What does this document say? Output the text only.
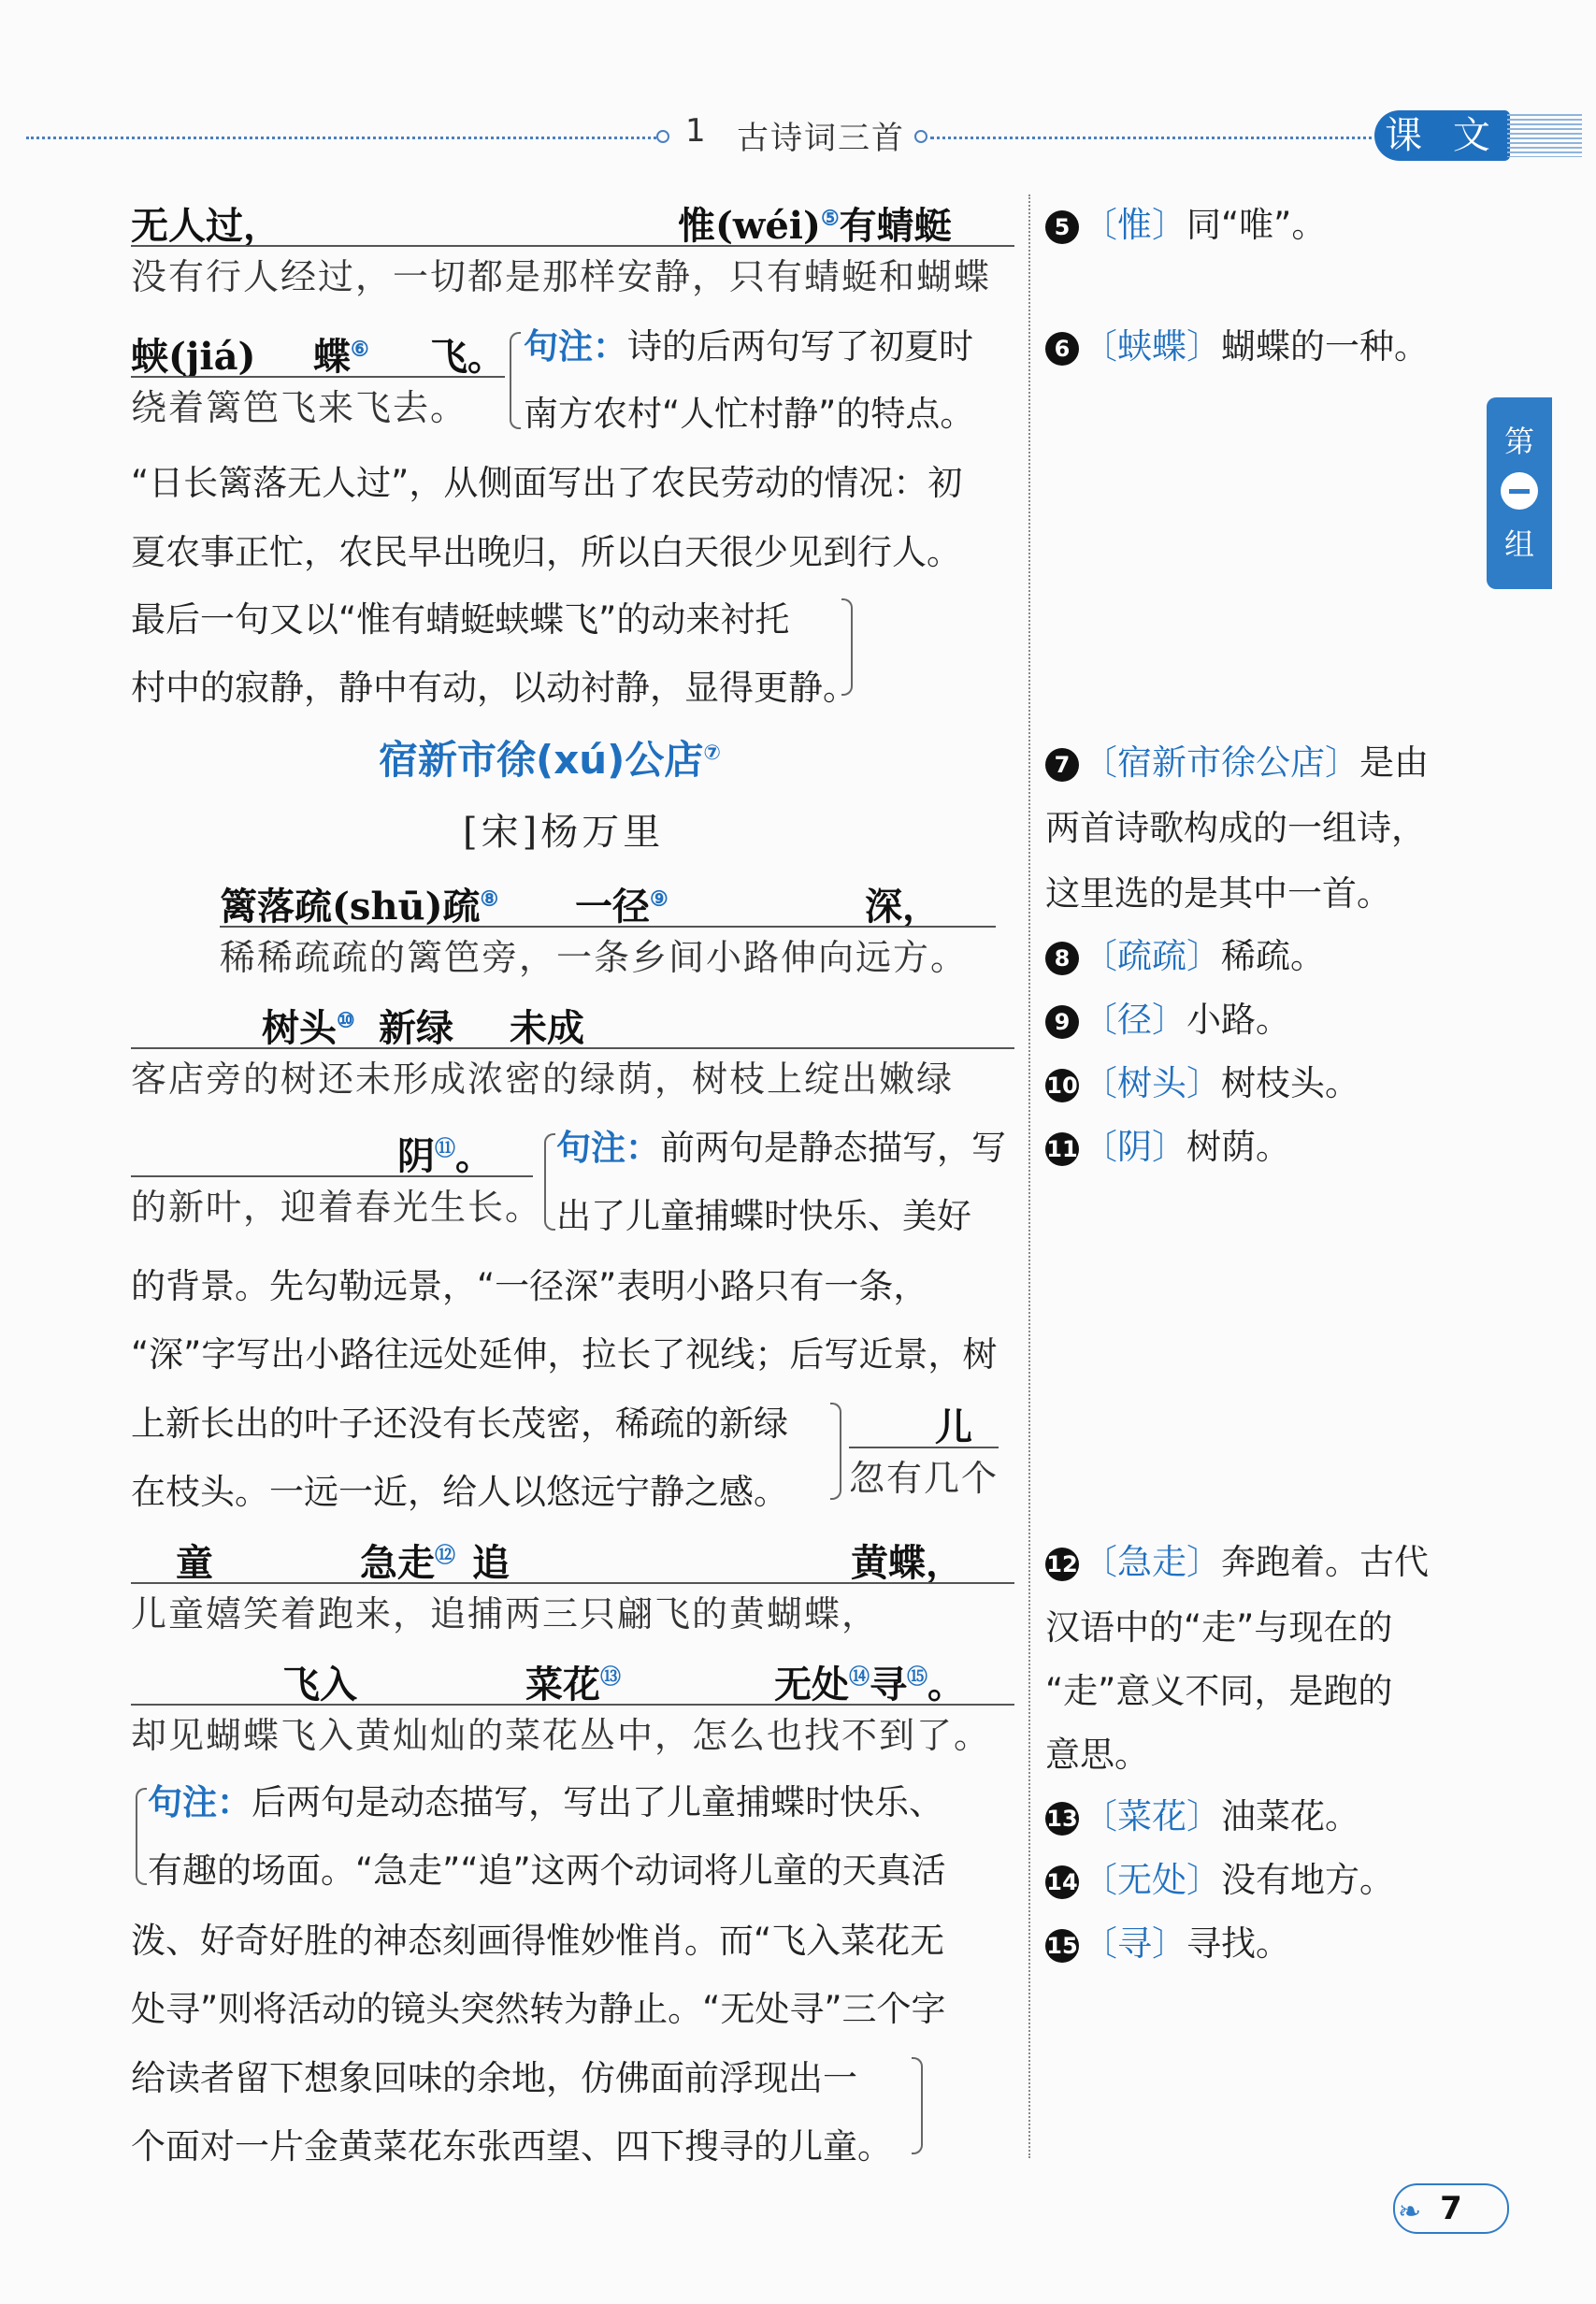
1 古诗词三首	课 文
第
组
无人过，	惟(wéi)⑤有蜻蜓
没有行人经过，一切都是那样安静，只有蜻蜓和蝴蝶
蛱(jiá) 蝶⑥ 飞。
绕着篱笆飞来飞去。
句注：诗的后两句写了初夏时
南方农村“人忙村静”的特点。
“日长篱落无人过”，从侧面写出了农民劳动的情况：初
夏农事正忙，农民早出晚归，所以白天很少见到行人。
最后一句又以“惟有蜻蜓蛱蝶飞”的动来衬托
村中的寂静，静中有动，以动衬静，显得更静。
宿新市徐(xú)公店⑦
[宋]杨万里
篱落疏(shū)疏⑧ 一径⑨	深，
稀稀疏疏的篱笆旁，一条乡间小路伸向远方。
树头⑩ 新绿 未成
客店旁的树还未形成浓密的绿荫，树枝上绽出嫩绿
阴⑪。
的新叶，迎着春光生长。
句注：前两句是静态描写，写
出了儿童捕蝶时快乐、美好
的背景。先勾勒远景，“一径深”表明小路只有一条，
“深”字写出小路往远处延伸，拉长了视线；后写近景，树
上新长出的叶子还没有长茂密，稀疏的新绿
在枝头。一远一近，给人以悠远宁静之感。
儿
忽有几个
童	急走⑫ 追	黄蝶，
儿童嬉笑着跑来，追捕两三只翩飞的黄蝴蝶，
飞入	菜花⑬	无处⑭寻⑮。
却见蝴蝶飞入黄灿灿的菜花丛中，怎么也找不到了。
句注：后两句是动态描写，写出了儿童捕蝶时快乐、
有趣的场面。“急走”“追”这两个动词将儿童的天真活
泼、好奇好胜的神态刻画得惟妙惟肖。而“飞入菜花无
处寻”则将活动的镜头突然转为静止。“无处寻”三个字
给读者留下想象回味的余地，仿佛面前浮现出一
个面对一片金黄菜花东张西望、四下搜寻的儿童。
5 〔惟〕同“唯”。
6 〔蛱蝶〕蝴蝶的一种。
7 〔宿新市徐公店〕是由
两首诗歌构成的一组诗，
这里选的是其中一首。
8 〔疏疏〕稀疏。
9 〔径〕小路。
10 〔树头〕树枝头。
11 〔阴〕树荫。
12 〔急走〕奔跑着。古代
汉语中的“走”与现在的
“走”意义不同，是跑的
意思。
13 〔菜花〕油菜花。
14 〔无处〕没有地方。
15 〔寻〕寻找。
❧ 7
